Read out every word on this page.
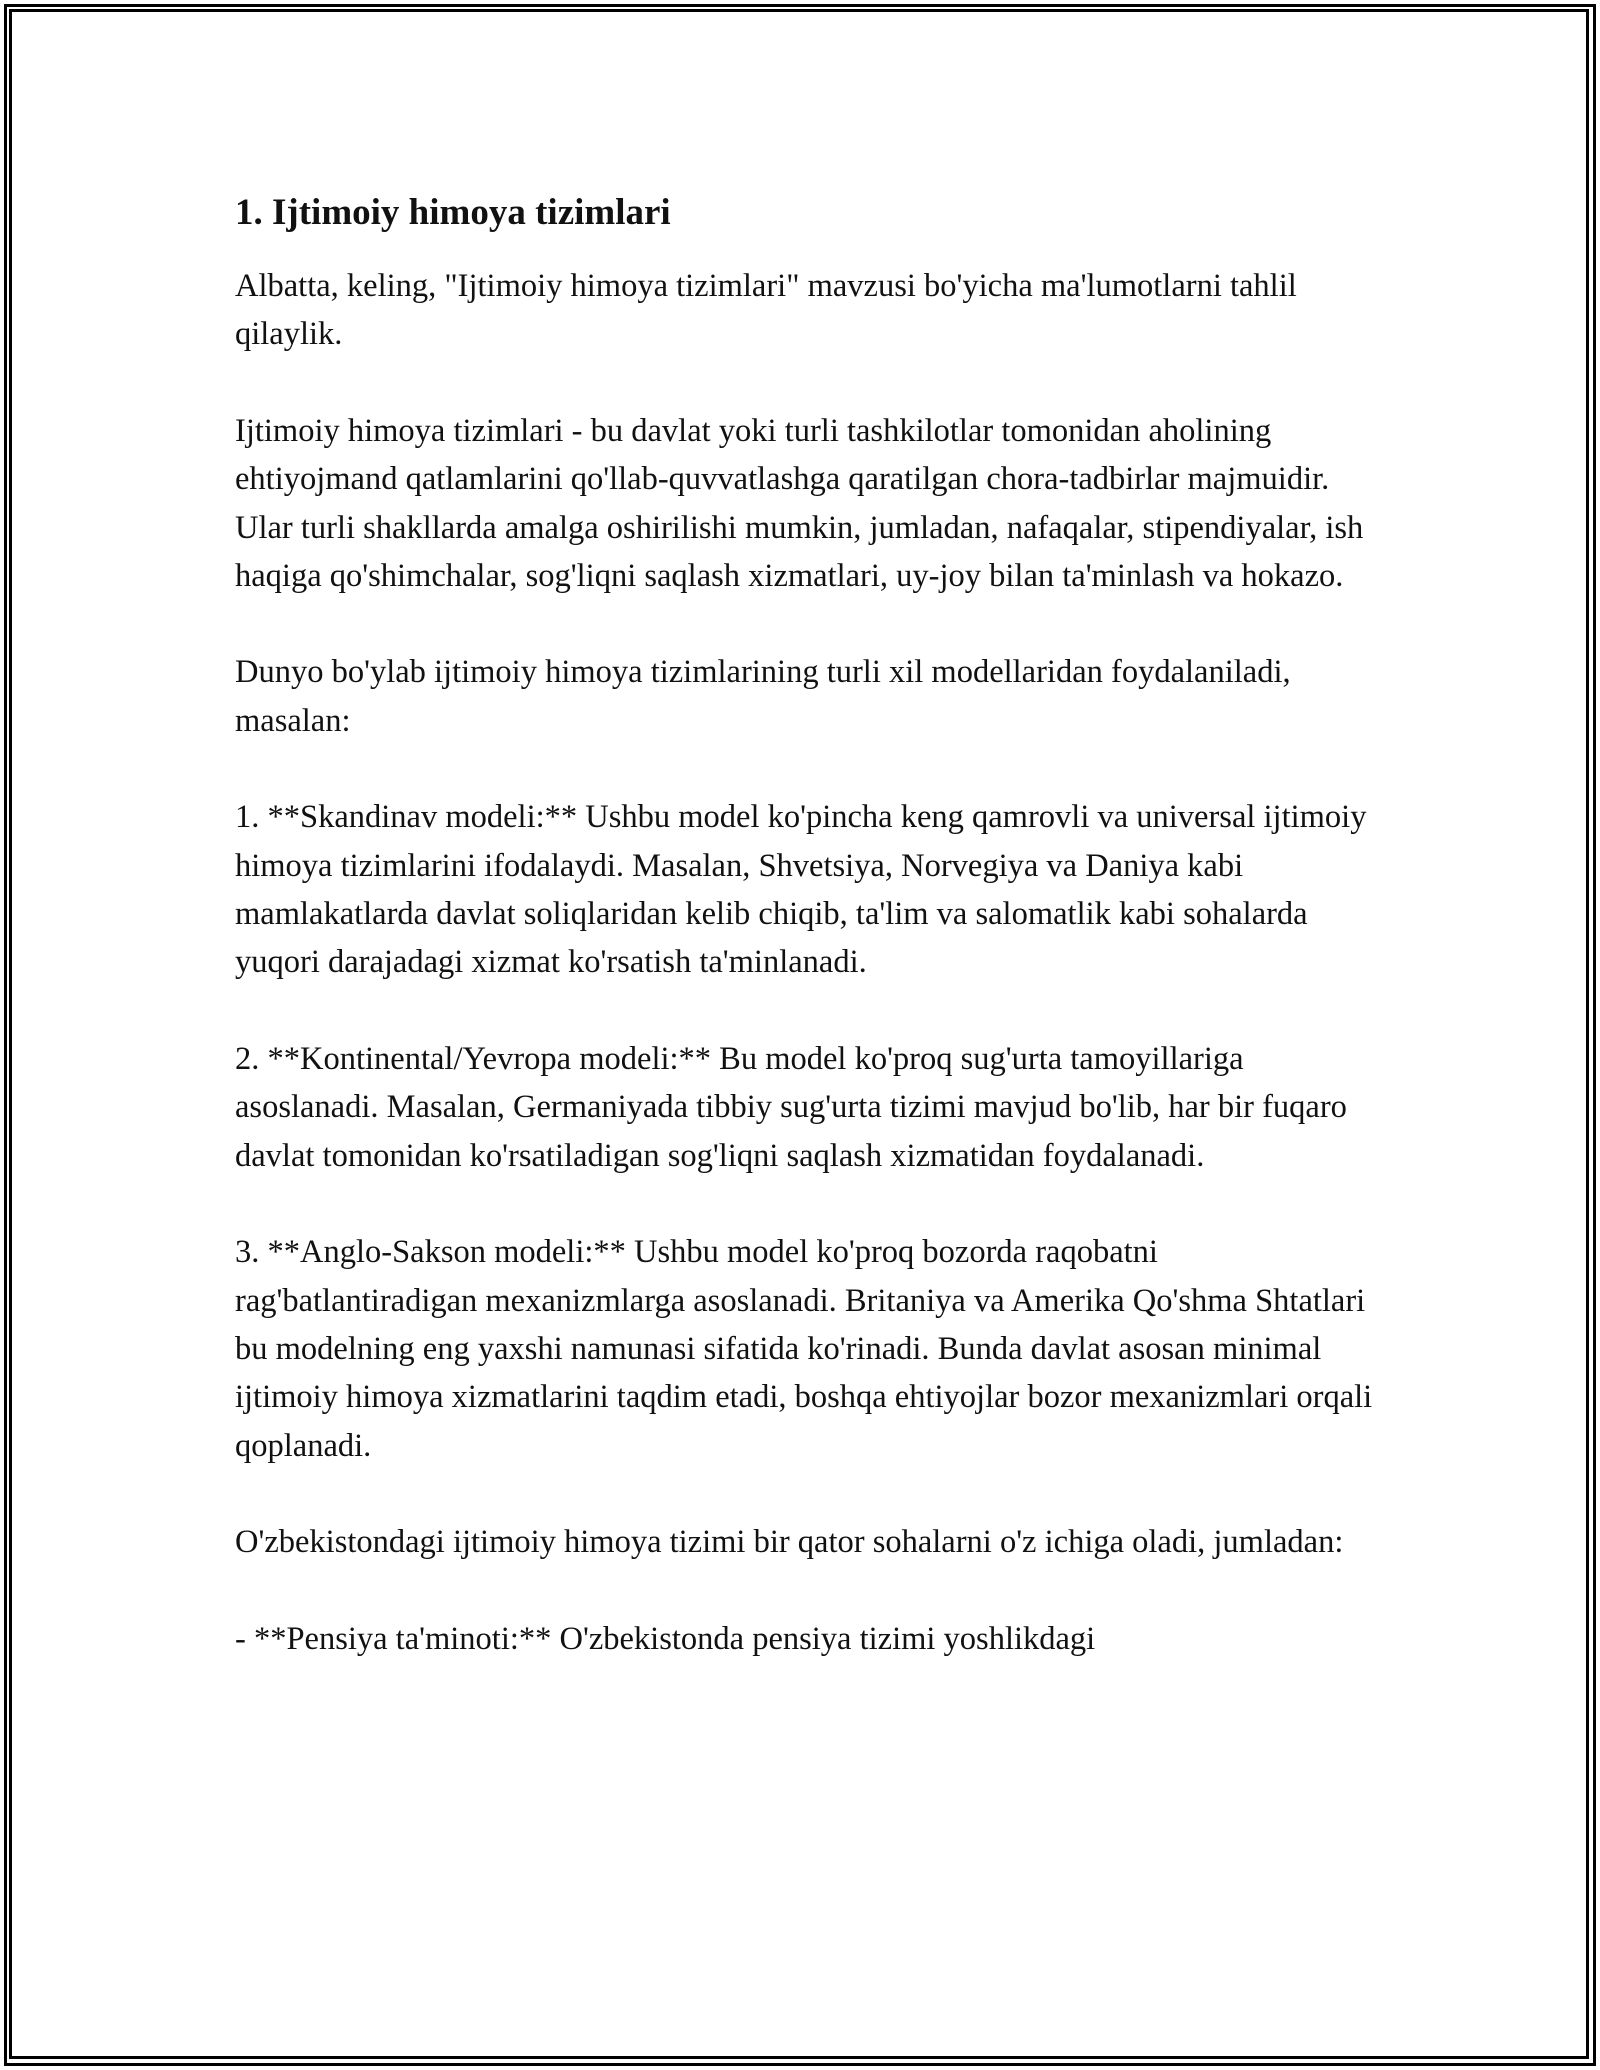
1. Ijtimoiy himoya tizimlari

Albatta, keling, "Ijtimoiy himoya tizimlari" mavzusi bo'yicha ma'lumotlarni tahlil qilaylik.

Ijtimoiy himoya tizimlari - bu davlat yoki turli tashkilotlar tomonidan aholining ehtiyojmand qatlamlarini qo'llab-quvvatlashga qaratilgan chora-tadbirlar majmuidir. Ular turli shakllarda amalga oshirilishi mumkin, jumladan, nafaqalar, stipendiyalar, ish haqiga qo'shimchalar, sog'liqni saqlash xizmatlari, uy-joy bilan ta'minlash va hokazo.

Dunyo bo'ylab ijtimoiy himoya tizimlarining turli xil modellaridan foydalaniladi, masalan:

1. **Skandinav modeli:** Ushbu model ko'pincha keng qamrovli va universal ijtimoiy himoya tizimlarini ifodalaydi. Masalan, Shvetsiya, Norvegiya va Daniya kabi mamlakatlarda davlat soliqlaridan kelib chiqib, ta'lim va salomatlik kabi sohalarda yuqori darajadagi xizmat ko'rsatish ta'minlanadi.

2. **Kontinental/Yevropa modeli:** Bu model ko'proq sug'urta tamoyillariga asoslanadi. Masalan, Germaniyada tibbiy sug'urta tizimi mavjud bo'lib, har bir fuqaro davlat tomonidan ko'rsatiladigan sog'liqni saqlash xizmatidan foydalanadi.

3. **Anglo-Sakson modeli:** Ushbu model ko'proq bozorda raqobatni rag'batlantiradigan mexanizmlarga asoslanadi. Britaniya va Amerika Qo'shma Shtatlari bu modelning eng yaxshi namunasi sifatida ko'rinadi. Bunda davlat asosan minimal ijtimoiy himoya xizmatlarini taqdim etadi, boshqa ehtiyojlar bozor mexanizmlari orqali qoplanadi.

O'zbekistondagi ijtimoiy himoya tizimi bir qator sohalarni o'z ichiga oladi, jumladan:

- **Pensiya ta'minoti:** O'zbekistonda pensiya tizimi yoshlikdagi
